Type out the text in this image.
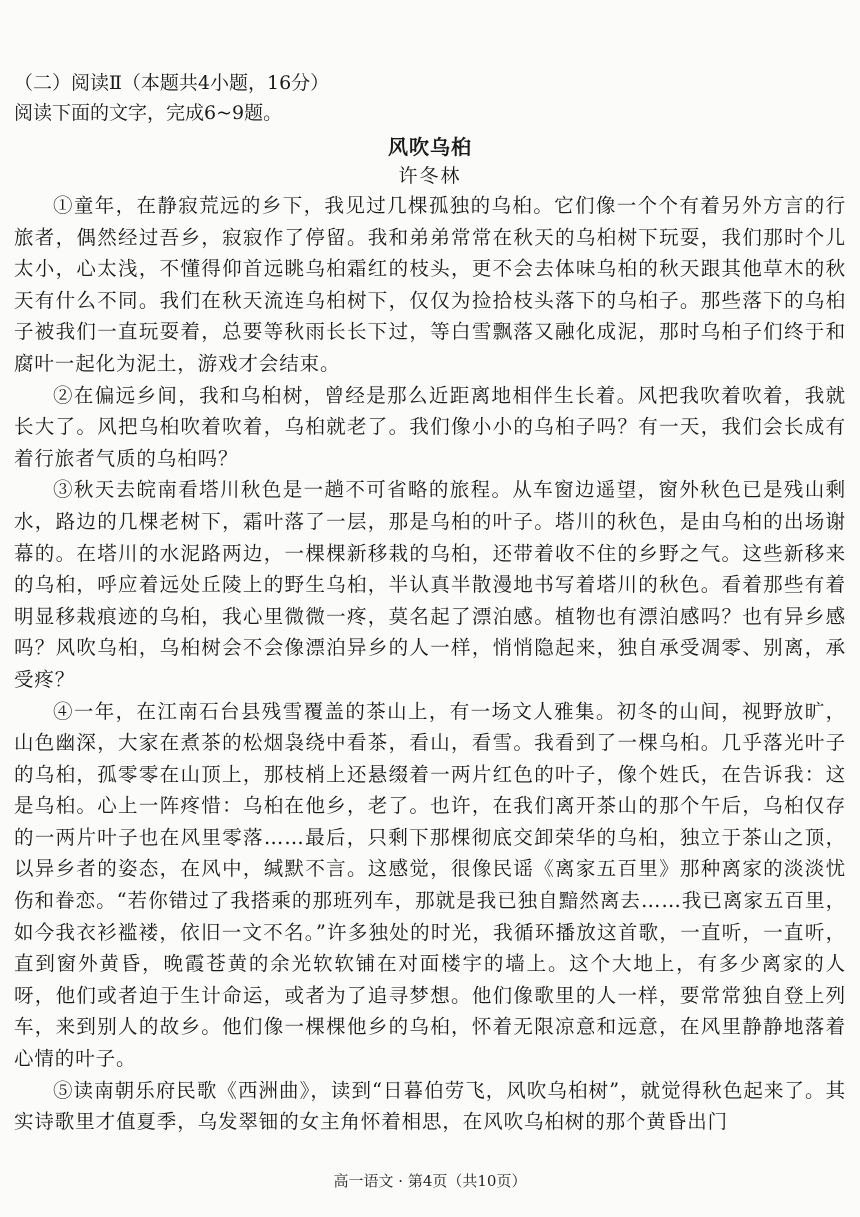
（二）阅读Ⅱ（本题共4小题，16分）
阅读下面的文字，完成6~9题。
风吹乌桕
许冬林

①童年，在静寂荒远的乡下，我见过几棵孤独的乌桕。它们像一个个有着另外方言的行旅者，偶然经过吾乡，寂寂作了停留。我和弟弟常常在秋天的乌桕树下玩耍，我们那时个儿太小，心太浅，不懂得仰首远眺乌桕霜红的枝头，更不会去体味乌桕的秋天跟其他草木的秋天有什么不同。我们在秋天流连乌桕树下，仅仅为捡拾枝头落下的乌桕子。那些落下的乌桕子被我们一直玩耍着，总要等秋雨长长下过，等白雪飘落又融化成泥，那时乌桕子们终于和腐叶一起化为泥土，游戏才会结束。

②在偏远乡间，我和乌桕树，曾经是那么近距离地相伴生长着。风把我吹着吹着，我就长大了。风把乌桕吹着吹着，乌桕就老了。我们像小小的乌桕子吗？有一天，我们会长成有着行旅者气质的乌桕吗？

③秋天去皖南看塔川秋色是一趟不可省略的旅程。从车窗边遥望，窗外秋色已是残山剩水，路边的几棵老树下，霜叶落了一层，那是乌桕的叶子。塔川的秋色，是由乌桕的出场谢幕的。在塔川的水泥路两边，一棵棵新移栽的乌桕，还带着收不住的乡野之气。这些新移来的乌桕，呼应着远处丘陵上的野生乌桕，半认真半散漫地书写着塔川的秋色。看着那些有着明显移栽痕迹的乌桕，我心里微微一疼，莫名起了漂泊感。植物也有漂泊感吗？也有异乡感吗？风吹乌桕，乌桕树会不会像漂泊异乡的人一样，悄悄隐起来，独自承受凋零、别离，承受疼？

④一年，在江南石台县残雪覆盖的茶山上，有一场文人雅集。初冬的山间，视野放旷，山色幽深，大家在煮茶的松烟袅绕中看茶，看山，看雪。我看到了一棵乌桕。几乎落光叶子的乌桕，孤零零在山顶上，那枝梢上还悬缀着一两片红色的叶子，像个姓氏，在告诉我：这是乌桕。心上一阵疼惜：乌桕在他乡，老了。也许，在我们离开茶山的那个午后，乌桕仅存的一两片叶子也在风里零落……最后，只剩下那棵彻底交卸荣华的乌桕，独立于茶山之顶，以异乡者的姿态，在风中，缄默不言。这感觉，很像民谣《离家五百里》那种离家的淡淡忧伤和眷恋。“若你错过了我搭乘的那班列车，那就是我已独自黯然离去……我已离家五百里，如今我衣衫褴褛，依旧一文不名。”许多独处的时光，我循环播放这首歌，一直听，一直听，直到窗外黄昏，晚霞苍黄的余光软软铺在对面楼宇的墙上。这个大地上，有多少离家的人呀，他们或者迫于生计命运，或者为了追寻梦想。他们像歌里的人一样，要常常独自登上列车，来到别人的故乡。他们像一棵棵他乡的乌桕，怀着无限凉意和远意，在风里静静地落着心情的叶子。

⑤读南朝乐府民歌《西洲曲》，读到“日暮伯劳飞，风吹乌桕树”，就觉得秋色起来了。其实诗歌里才值夏季，乌发翠钿的女主角怀着相思，在风吹乌桕树的那个黄昏出门

高一语文 · 第4页（共10页）
